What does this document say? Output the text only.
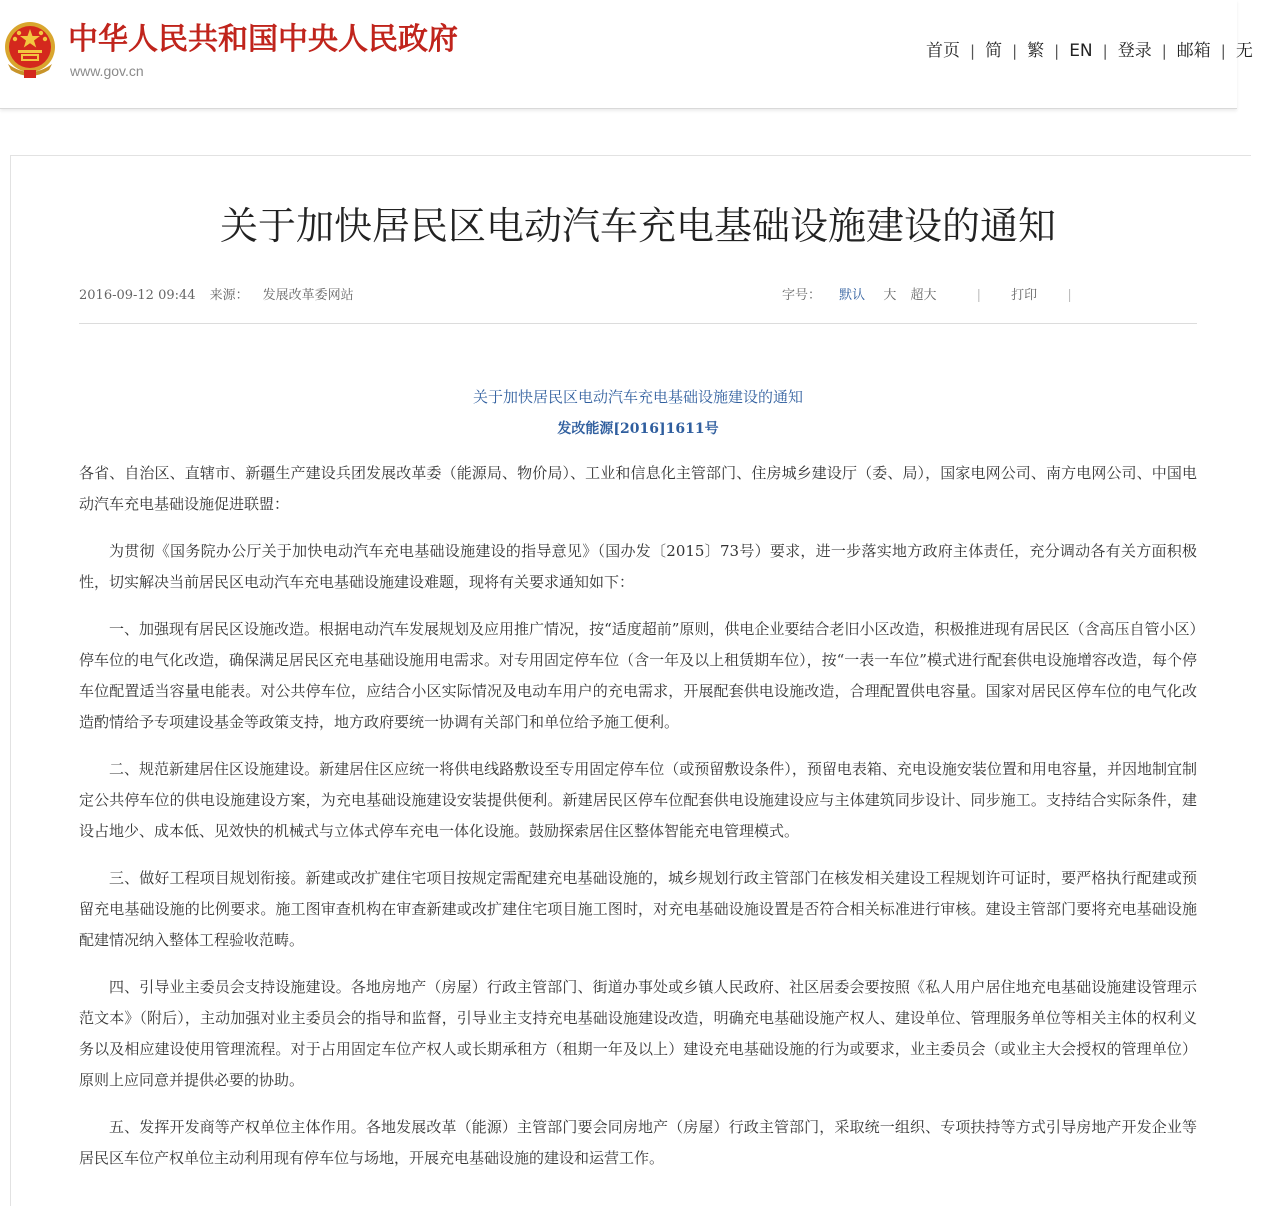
中华人民共和国中央人民政府
www.gov.cn
首页 | 简 | 繁 | EN | 登录 | 邮箱 | 无
关于加快居民区电动汽车充电基础设施建设的通知
2016-09-12 09:44 来源： 发展改革委网站	字号： 默认 大 超大	| 打印 |
关于加快居民区电动汽车充电基础设施建设的通知
发改能源[2016]1611号

各省、自治区、直辖市、新疆生产建设兵团发展改革委（能源局、物价局）、工业和信息化主管部门、住房城乡建设厅（委、局），国家电网公司、南方电网公司、中国电动汽车充电基础设施促进联盟：

为贯彻《国务院办公厅关于加快电动汽车充电基础设施建设的指导意见》（国办发〔2015〕73号）要求，进一步落实地方政府主体责任，充分调动各有关方面积极性，切实解决当前居民区电动汽车充电基础设施建设难题，现将有关要求通知如下：

一、加强现有居民区设施改造。根据电动汽车发展规划及应用推广情况，按“适度超前”原则，供电企业要结合老旧小区改造，积极推进现有居民区（含高压自管小区）停车位的电气化改造，确保满足居民区充电基础设施用电需求。对专用固定停车位（含一年及以上租赁期车位），按“一表一车位”模式进行配套供电设施增容改造，每个停车位配置适当容量电能表。对公共停车位，应结合小区实际情况及电动车用户的充电需求，开展配套供电设施改造，合理配置供电容量。国家对居民区停车位的电气化改造酌情给予专项建设基金等政策支持，地方政府要统一协调有关部门和单位给予施工便利。

二、规范新建居住区设施建设。新建居住区应统一将供电线路敷设至专用固定停车位（或预留敷设条件），预留电表箱、充电设施安装位置和用电容量，并因地制宜制定公共停车位的供电设施建设方案，为充电基础设施建设安装提供便利。新建居民区停车位配套供电设施建设应与主体建筑同步设计、同步施工。支持结合实际条件，建设占地少、成本低、见效快的机械式与立体式停车充电一体化设施。鼓励探索居住区整体智能充电管理模式。

三、做好工程项目规划衔接。新建或改扩建住宅项目按规定需配建充电基础设施的，城乡规划行政主管部门在核发相关建设工程规划许可证时，要严格执行配建或预留充电基础设施的比例要求。施工图审查机构在审查新建或改扩建住宅项目施工图时，对充电基础设施设置是否符合相关标准进行审核。建设主管部门要将充电基础设施配建情况纳入整体工程验收范畴。

四、引导业主委员会支持设施建设。各地房地产（房屋）行政主管部门、街道办事处或乡镇人民政府、社区居委会要按照《私人用户居住地充电基础设施建设管理示范文本》（附后），主动加强对业主委员会的指导和监督，引导业主支持充电基础设施建设改造，明确充电基础设施产权人、建设单位、管理服务单位等相关主体的权利义务以及相应建设使用管理流程。对于占用固定车位产权人或长期承租方（租期一年及以上）建设充电基础设施的行为或要求，业主委员会（或业主大会授权的管理单位）原则上应同意并提供必要的协助。

五、发挥开发商等产权单位主体作用。各地发展改革（能源）主管部门要会同房地产（房屋）行政主管部门，采取统一组织、专项扶持等方式引导房地产开发企业等居民区车位产权单位主动利用现有停车位与场地，开展充电基础设施的建设和运营工作。
